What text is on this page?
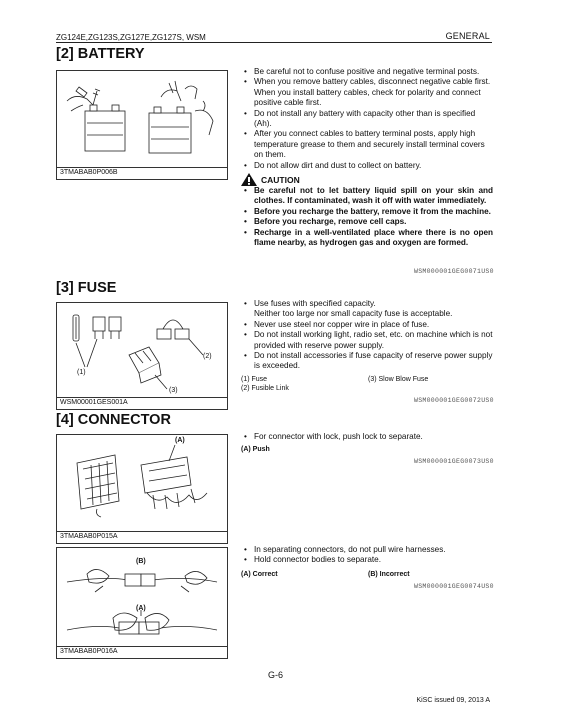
ZG124E,ZG123S,ZG127E,ZG127S, WSM	GENERAL
[2] BATTERY
3TMABAB0P006B
• Be careful not to confuse positive and negative terminal posts.
• When you remove battery cables, disconnect negative cable first. When you install battery cables, check for polarity and connect positive cable first.
• Do not install any battery with capacity other than is specified (Ah).
• After you connect cables to battery terminal posts, apply high temperature grease to them and securely install terminal covers on them.
• Do not allow dirt and dust to collect on battery.
CAUTION
• Be careful not to let battery liquid spill on your skin and clothes. If contaminated, wash it off with water immediately.
• Before you recharge the battery, remove it from the machine.
• Before you recharge, remove cell caps.
• Recharge in a well-ventilated place where there is no open flame nearby, as hydrogen gas and oxygen are formed.
WSM000001GEG0071US0
[3] FUSE
(1)
(2)
(3)
WSM00001GES001A
• Use fuses with specified capacity.
Neither too large nor small capacity fuse is acceptable.
• Never use steel nor copper wire in place of fuse.
• Do not install working light, radio set, etc. on machine which is not provided with reserve power supply.
• Do not install accessories if fuse capacity of reserve power supply is exceeded.
(1) Fuse
(2) Fusible Link
(3) Slow Blow Fuse
WSM000001GEG0072US0
[4] CONNECTOR
(A)
3TMABAB0P015A
• For connector with lock, push lock to separate.
(A) Push
WSM000001GEG0073US0
(B)
(A)
3TMABAB0P016A
• In separating connectors, do not pull wire harnesses.
• Hold connector bodies to separate.
(A) Correct	(B) Incorrect
WSM000001GEG0074US0
G-6
KiSC issued 09, 2013 A
